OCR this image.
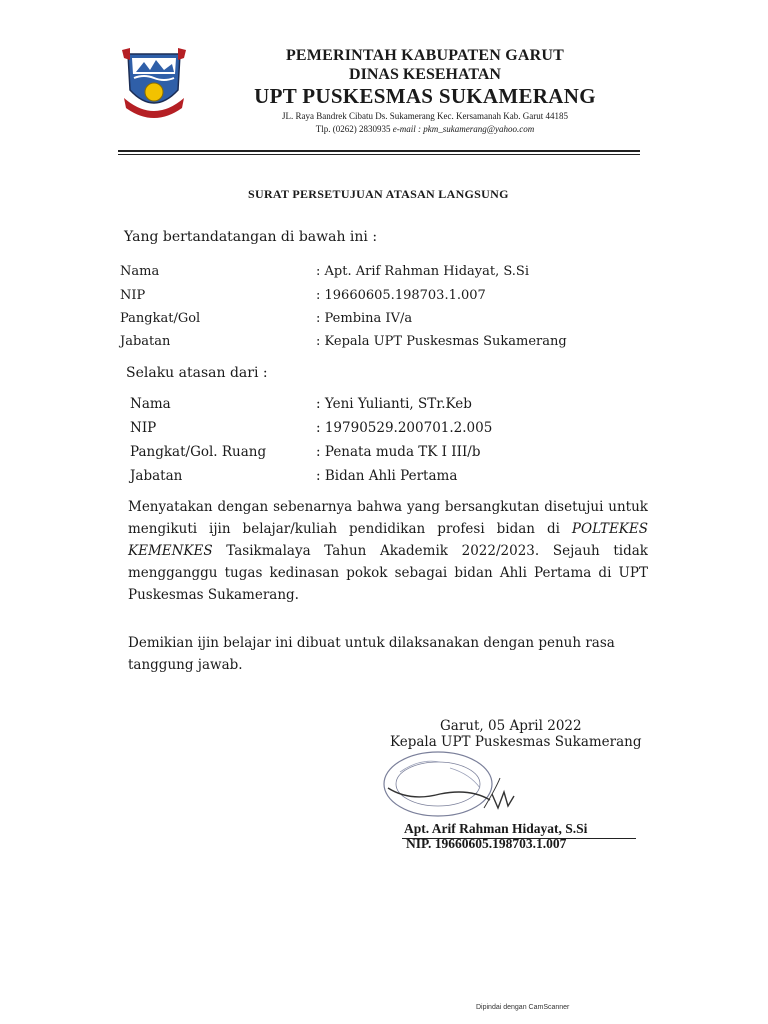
PEMERINTAH KABUPATEN GARUT
DINAS KESEHATAN
UPT PUSKESMAS SUKAMERANG
JL. Raya Bandrek Cibatu Ds. Sukamerang Kec. Kersamanah Kab. Garut 44185
Tlp. (0262) 2830935 e-mail : pkm_sukamerang@yahoo.com
SURAT PERSETUJUAN ATASAN LANGSUNG
Yang bertandatangan di bawah ini :
Nama	: Apt. Arif Rahman Hidayat, S.Si
NIP	: 19660605.198703.1.007
Pangkat/Gol	: Pembina IV/a
Jabatan	: Kepala UPT Puskesmas Sukamerang
Selaku atasan dari :
Nama	: Yeni Yulianti, STr.Keb
NIP	: 19790529.200701.2.005
Pangkat/Gol. Ruang	: Penata muda TK I III/b
Jabatan	: Bidan Ahli Pertama
Menyatakan dengan sebenarnya bahwa yang bersangkutan disetujui untuk mengikuti ijin belajar/kuliah pendidikan profesi bidan di POLTEKES KEMENKES Tasikmalaya Tahun Akademik 2022/2023. Sejauh tidak mengganggu tugas kedinasan pokok sebagai bidan Ahli Pertama di UPT Puskesmas Sukamerang.
Demikian ijin belajar ini dibuat untuk dilaksanakan dengan penuh rasa tanggung jawab.
Garut, 05 April 2022
Kepala UPT Puskesmas Sukamerang
Apt. Arif Rahman Hidayat, S.Si
NIP. 19660605.198703.1.007
Dipindai dengan CamScanner
